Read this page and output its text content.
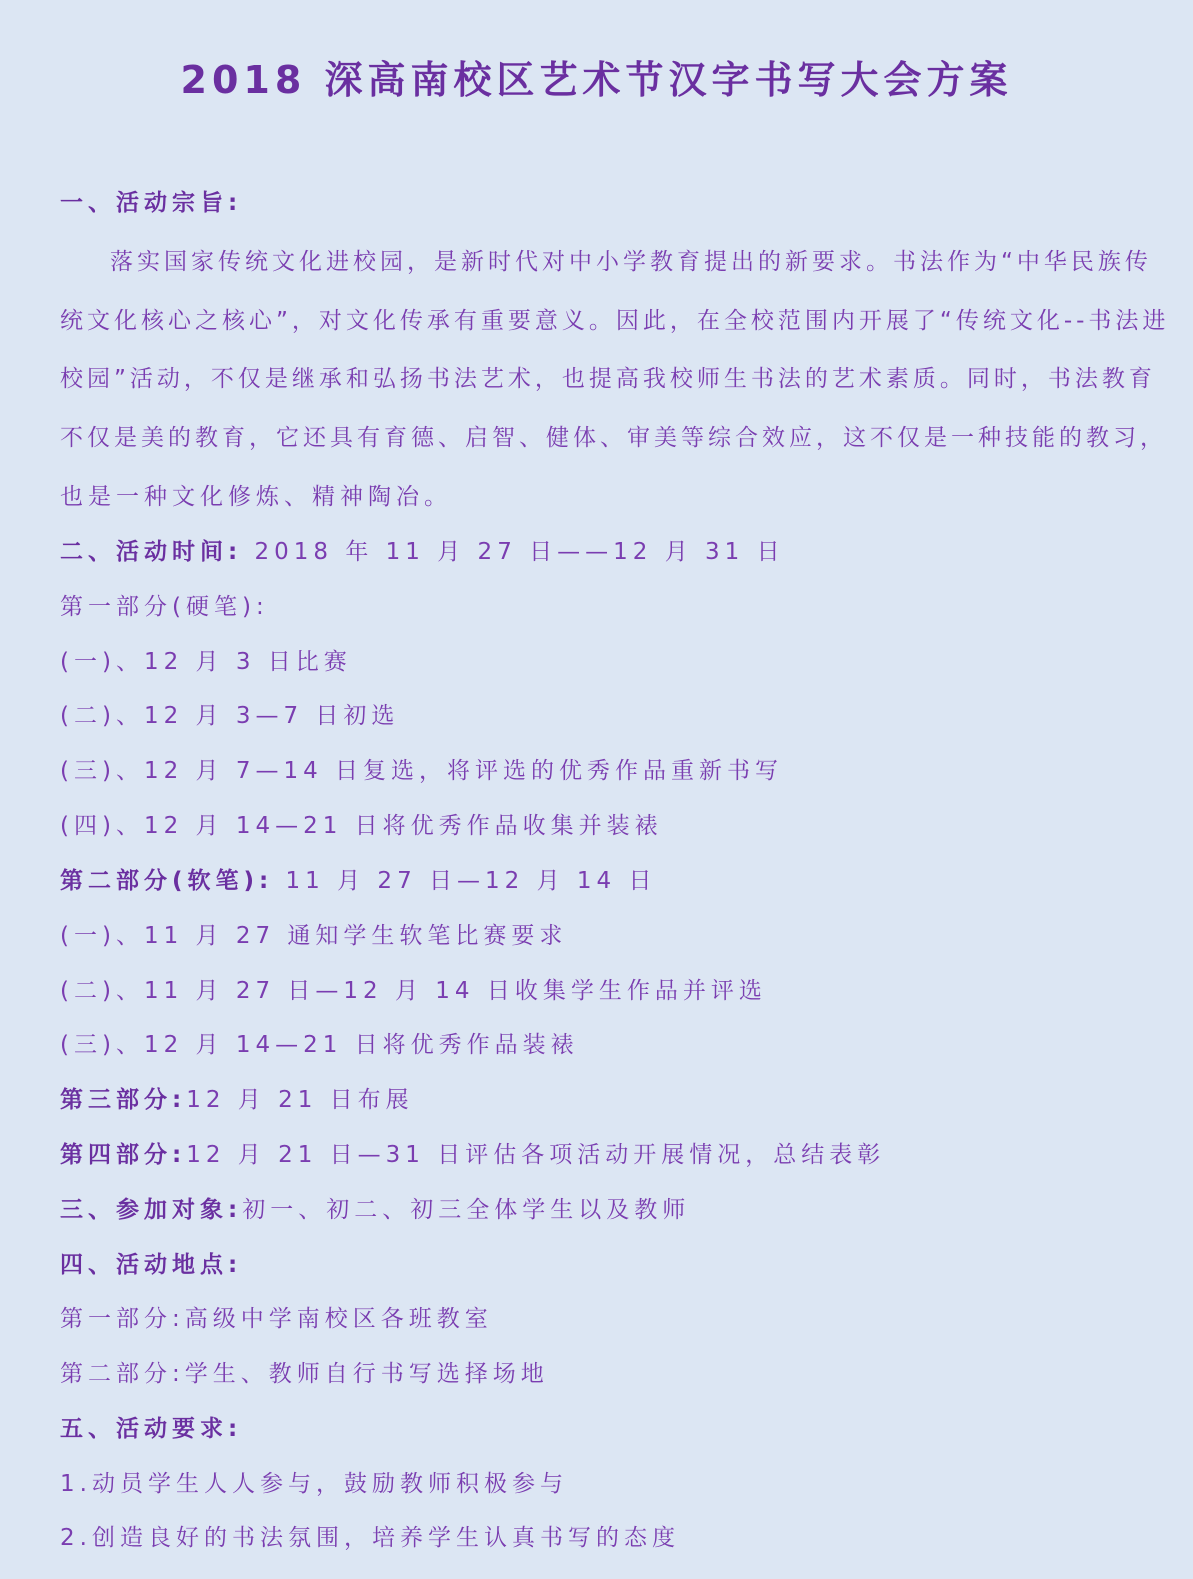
2018 深高南校区艺术节汉字书写大会方案
一、活动宗旨:
落实国家传统文化进校园，是新时代对中小学教育提出的新要求。书法作为“中华民族传
统文化核心之核心”，对文化传承有重要意义。因此，在全校范围内开展了“传统文化--书法进
校园”活动，不仅是继承和弘扬书法艺术，也提高我校师生书法的艺术素质。同时，书法教育
不仅是美的教育，它还具有育德、启智、健体、审美等综合效应，这不仅是一种技能的教习，
也是一种文化修炼、精神陶冶。
二、活动时间: 2018 年 11 月 27 日——12 月 31 日
第一部分(硬笔):
(一)、12 月 3 日比赛
(二)、12 月 3—7 日初选
(三)、12 月 7—14 日复选，将评选的优秀作品重新书写
(四)、12 月 14—21 日将优秀作品收集并装裱
第二部分(软笔): 11 月 27 日—12 月 14 日
(一)、11 月 27 通知学生软笔比赛要求
(二)、11 月 27 日—12 月 14 日收集学生作品并评选
(三)、12 月 14—21 日将优秀作品装裱
第三部分:12 月 21 日布展
第四部分:12 月 21 日—31 日评估各项活动开展情况，总结表彰
三、参加对象:初一、初二、初三全体学生以及教师
四、活动地点:
第一部分:高级中学南校区各班教室
第二部分:学生、教师自行书写选择场地
五、活动要求:
1.动员学生人人参与，鼓励教师积极参与
2.创造良好的书法氛围，培养学生认真书写的态度
